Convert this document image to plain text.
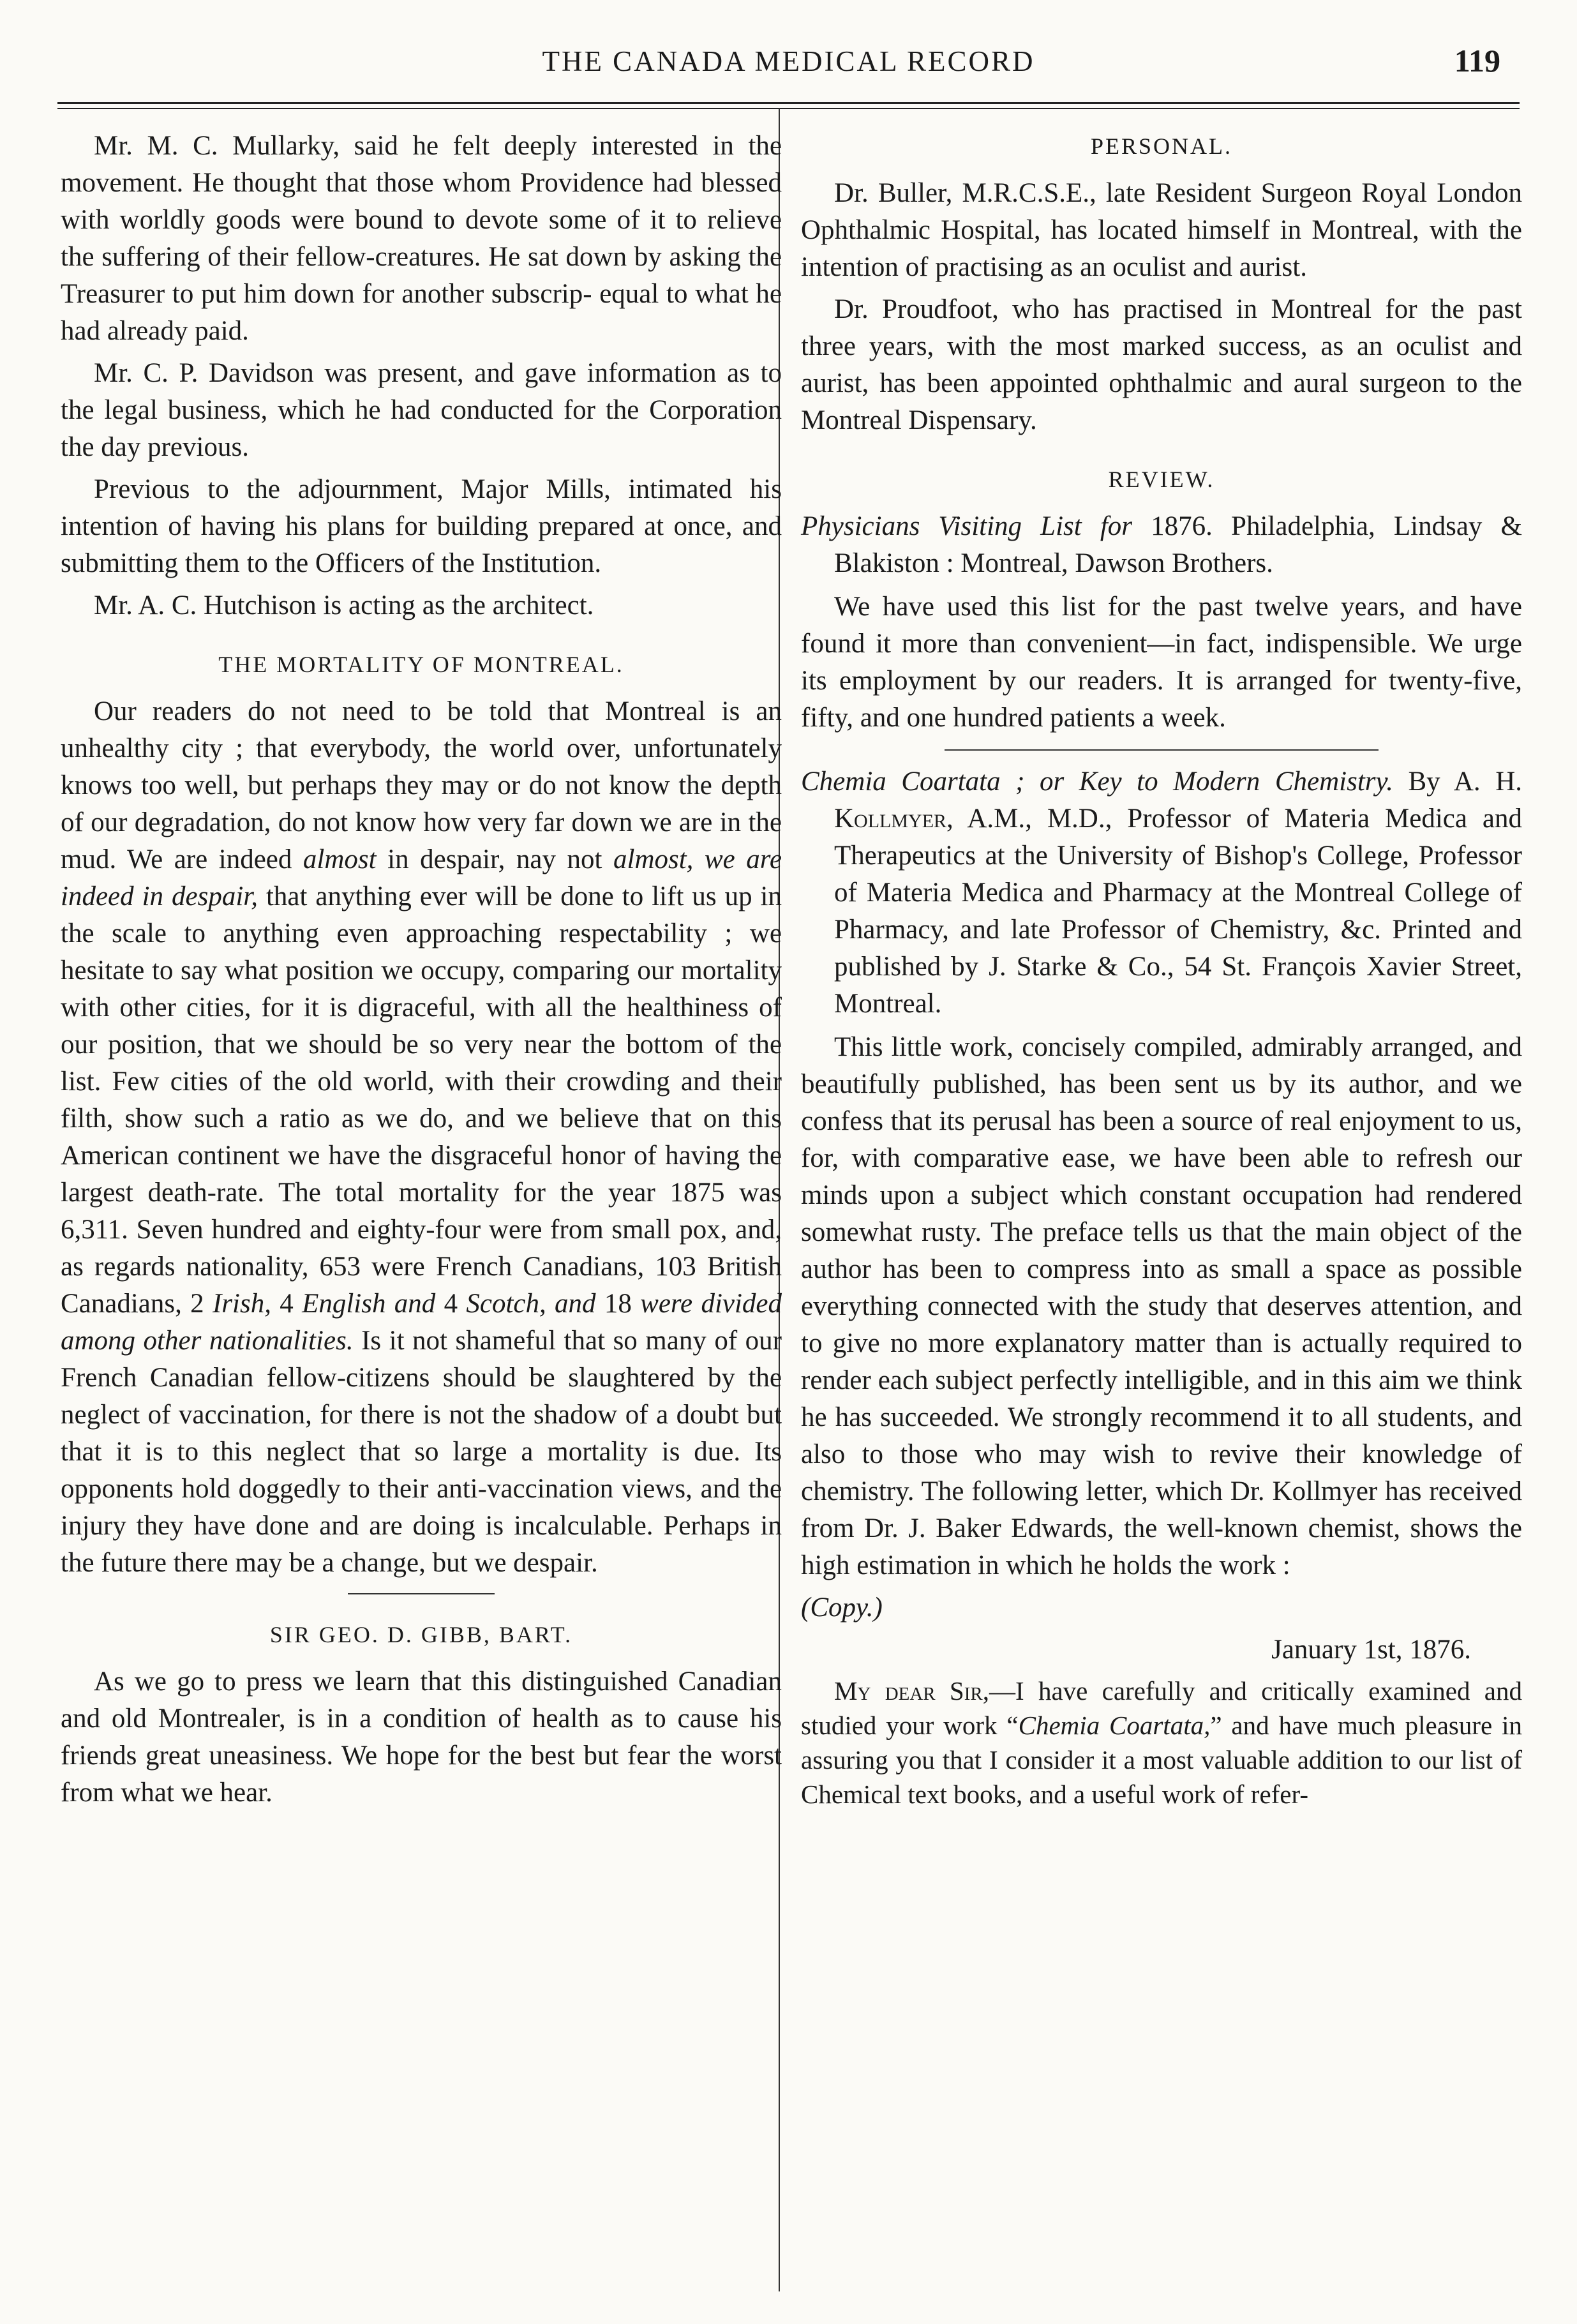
THE CANADA MEDICAL RECORD	119

Mr. M. C. Mullarky, said he felt deeply interested in the movement. He thought that those whom Providence had blessed with worldly goods were bound to devote some of it to relieve the suffering of their fellow-creatures. He sat down by asking the Treasurer to put him down for another subscrip- equal to what he had already paid.

Mr. C. P. Davidson was present, and gave information as to the legal business, which he had conducted for the Corporation the day previous.

Previous to the adjournment, Major Mills, intimated his intention of having his plans for building prepared at once, and submitting them to the Officers of the Institution.

Mr. A. C. Hutchison is acting as the architect.

THE MORTALITY OF MONTREAL.

Our readers do not need to be told that Montreal is an unhealthy city ; that everybody, the world over, unfortunately knows too well, but perhaps they may or do not know the depth of our degradation, do not know how very far down we are in the mud. We are indeed almost in despair, nay not almost, we are indeed in despair, that anything ever will be done to lift us up in the scale to anything even approaching respectability ; we hesitate to say what position we occupy, comparing our mortality with other cities, for it is digraceful, with all the healthiness of our position, that we should be so very near the bottom of the list. Few cities of the old world, with their crowding and their filth, show such a ratio as we do, and we believe that on this American continent we have the disgraceful honor of having the largest death-rate. The total mortality for the year 1875 was 6,311. Seven hundred and eighty-four were from small pox, and, as regards nationality, 653 were French Canadians, 103 British Canadians, 2 Irish, 4 English and 4 Scotch, and 18 were divided among other nationalities. Is it not shameful that so many of our French Canadian fellow-citizens should be slaughtered by the neglect of vaccination, for there is not the shadow of a doubt but that it is to this neglect that so large a mortality is due. Its opponents hold doggedly to their anti-vaccination views, and the injury they have done and are doing is incalculable. Perhaps in the future there may be a change, but we despair.

SIR GEO. D. GIBB, BART.

As we go to press we learn that this distinguished Canadian and old Montrealer, is in a condition of health as to cause his friends great uneasiness. We hope for the best but fear the worst from what we hear.

PERSONAL.

Dr. Buller, M.R.C.S.E., late Resident Surgeon Royal London Ophthalmic Hospital, has located himself in Montreal, with the intention of practising as an oculist and aurist.

Dr. Proudfoot, who has practised in Montreal for the past three years, with the most marked success, as an oculist and aurist, has been appointed ophthalmic and aural surgeon to the Montreal Dispensary.

REVIEW.

Physicians Visiting List for 1876. Philadelphia, Lindsay & Blakiston : Montreal, Dawson Brothers.

We have used this list for the past twelve years, and have found it more than convenient—in fact, indispensible. We urge its employment by our readers. It is arranged for twenty-five, fifty, and one hundred patients a week.

Chemia Coartata ; or Key to Modern Chemistry. By A. H. Kollmyer, A.M., M.D., Professor of Materia Medica and Therapeutics at the University of Bishop's College, Professor of Materia Medica and Pharmacy at the Montreal College of Pharmacy, and late Professor of Chemistry, &c. Printed and published by J. Starke & Co., 54 St. François Xavier Street, Montreal.

This little work, concisely compiled, admirably arranged, and beautifully published, has been sent us by its author, and we confess that its perusal has been a source of real enjoyment to us, for, with comparative ease, we have been able to refresh our minds upon a subject which constant occupation had rendered somewhat rusty. The preface tells us that the main object of the author has been to compress into as small a space as possible everything connected with the study that deserves attention, and to give no more explanatory matter than is actually required to render each subject perfectly intelligible, and in this aim we think he has succeeded. We strongly recommend it to all students, and also to those who may wish to revive their knowledge of chemistry. The following letter, which Dr. Kollmyer has received from Dr. J. Baker Edwards, the well-known chemist, shows the high estimation in which he holds the work :

(Copy.)

January 1st, 1876.

My dear Sir,—I have carefully and critically examined and studied your work “Chemia Coartata,” and have much pleasure in assuring you that I consider it a most valuable addition to our list of Chemical text books, and a useful work of refer-
